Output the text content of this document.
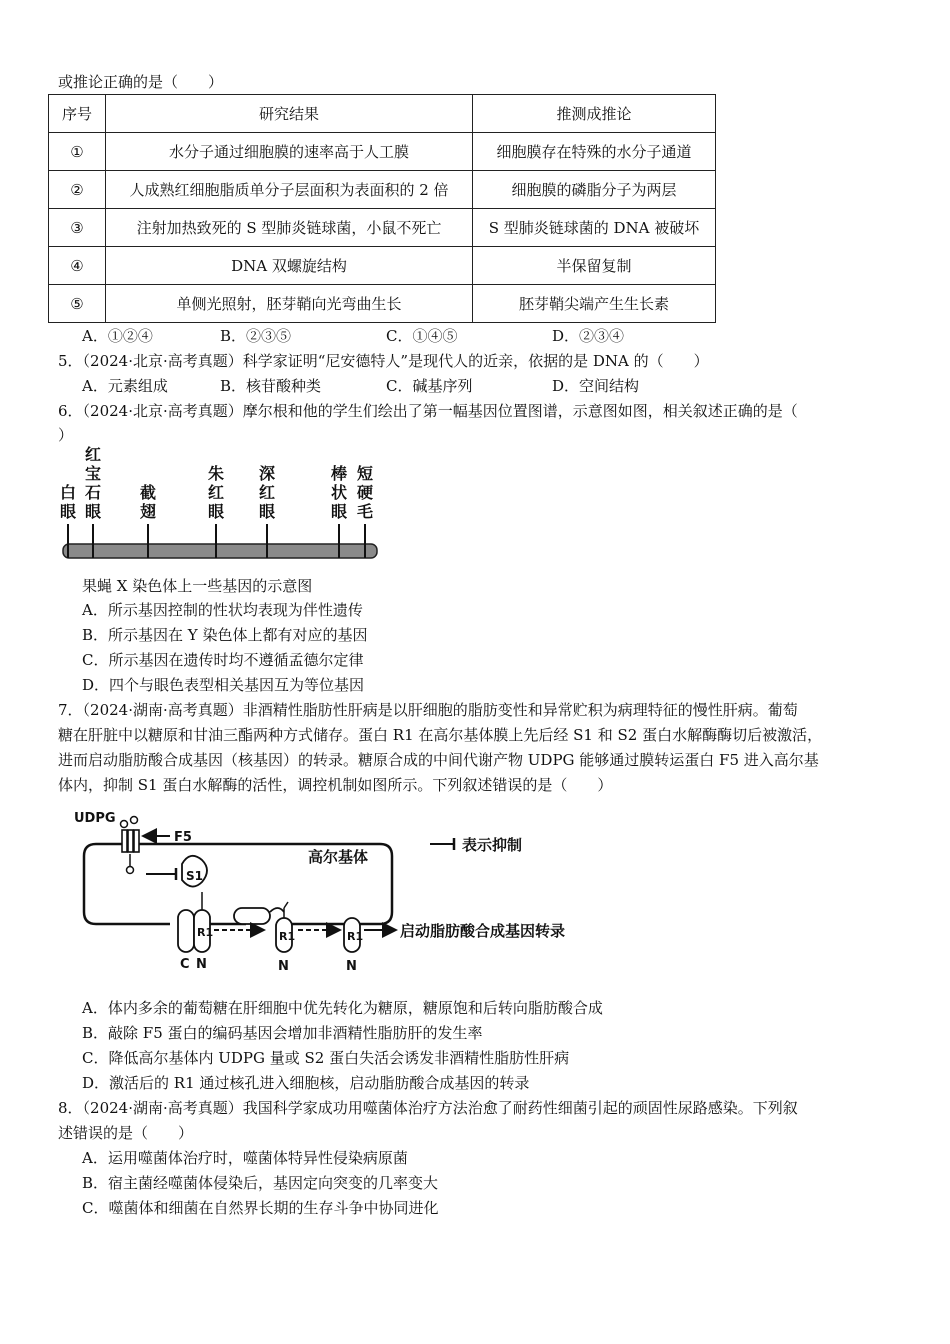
或推论正确的是（　　）
序号	研究结果	推测成推论
①	水分子通过细胞膜的速率高于人工膜	细胞膜存在特殊的水分子通道
②	人成熟红细胞脂质单分子层面积为表面积的 2 倍	细胞膜的磷脂分子为两层
③	注射加热致死的 S 型肺炎链球菌，小鼠不死亡	S 型肺炎链球菌的 DNA 被破坏
④	DNA 双螺旋结构	半保留复制
⑤	单侧光照射，胚芽鞘向光弯曲生长	胚芽鞘尖端产生生长素
A．①②④	B．②③⑤	C．①④⑤	D．②③④
5．（2024·北京·高考真题）科学家证明“尼安德特人”是现代人的近亲，依据的是 DNA 的（　　）
A．元素组成	B．核苷酸种类	C．碱基序列	D．空间结构
6．（2024·北京·高考真题）摩尔根和他的学生们绘出了第一幅基因位置图谱，示意图如图，相关叙述正确的是（
）
白
眼
红
宝
石
眼
截
翅
朱
红
眼
深
红
眼
棒
状
眼
短
硬
毛
果蝇 X 染色体上一些基因的示意图
A．所示基因控制的性状均表现为伴性遗传
B．所示基因在 Y 染色体上都有对应的基因
C．所示基因在遗传时均不遵循孟德尔定律
D．四个与眼色表型相关基因互为等位基因
7．（2024·湖南·高考真题）非酒精性脂肪性肝病是以肝细胞的脂肪变性和异常贮积为病理特征的慢性肝病。葡萄
糖在肝脏中以糖原和甘油三酯两种方式储存。蛋白 R1 在高尔基体膜上先后经 S1 和 S2 蛋白水解酶酶切后被激活，
进而启动脂肪酸合成基因（核基因）的转录。糖原合成的中间代谢产物 UDPG 能够通过膜转运蛋白 F5 进入高尔基
体内，抑制 S1 蛋白水解酶的活性，调控机制如图所示。下列叙述错误的是（　　）
UDPG
F5
高尔基体
S1
R1
C N
R1
N
R1
N
启动脂肪酸合成基因转录
表示抑制
A．体内多余的葡萄糖在肝细胞中优先转化为糖原，糖原饱和后转向脂肪酸合成
B．敲除 F5 蛋白的编码基因会增加非酒精性脂肪肝的发生率
C．降低高尔基体内 UDPG 量或 S2 蛋白失活会诱发非酒精性脂肪性肝病
D．激活后的 R1 通过核孔进入细胞核，启动脂肪酸合成基因的转录
8．（2024·湖南·高考真题）我国科学家成功用噬菌体治疗方法治愈了耐药性细菌引起的顽固性尿路感染。下列叙
述错误的是（　　）
A．运用噬菌体治疗时，噬菌体特异性侵染病原菌
B．宿主菌经噬菌体侵染后，基因定向突变的几率变大
C．噬菌体和细菌在自然界长期的生存斗争中协同进化
